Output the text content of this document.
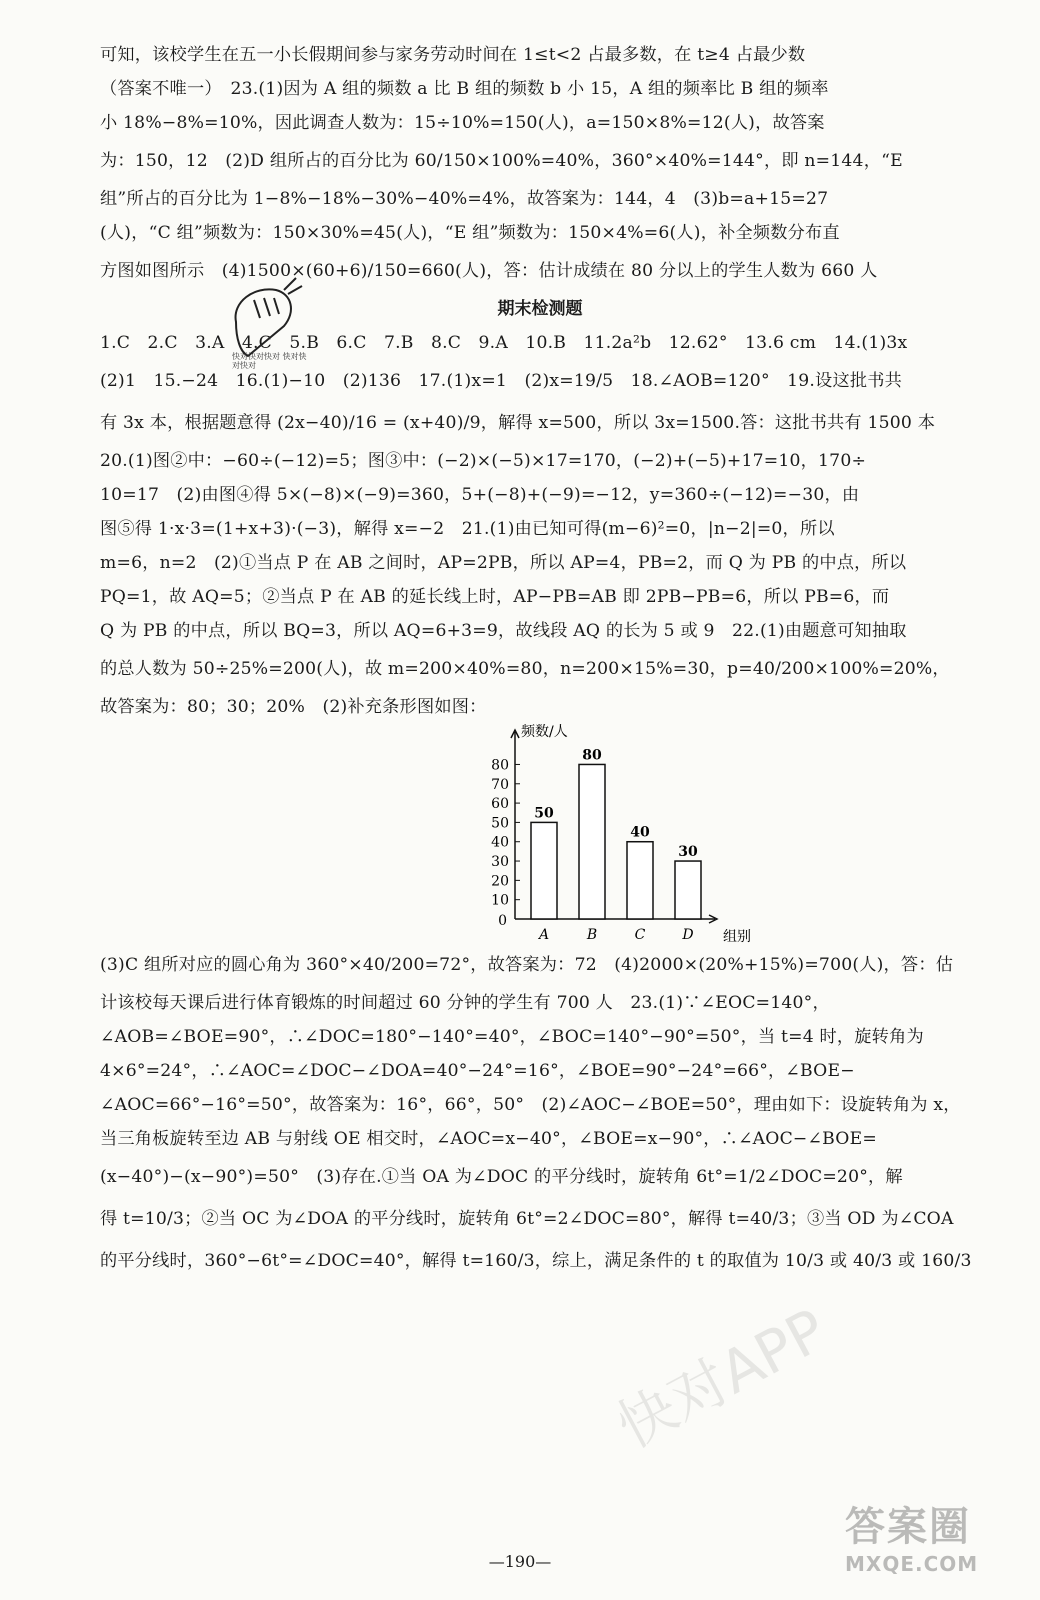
可知，该校学生在五一小长假期间参与家务劳动时间在 1≤t<2 占最多数，在 t≥4 占最少数
（答案不唯一）　23.(1)因为 A 组的频数 a 比 B 组的频数 b 小 15，A 组的频率比 B 组的频率
小 18%−8%=10%，因此调查人数为：15÷10%=150(人)，a=150×8%=12(人)，故答案
为：150，12　(2)D 组所占的百分比为 60/150×100%=40%，360°×40%=144°，即 n=144，“E
组”所占的百分比为 1−8%−18%−30%−40%=4%，故答案为：144，4　(3)b=a+15=27
(人)，“C 组”频数为：150×30%=45(人)，“E 组”频数为：150×4%=6(人)，补全频数分布直
方图如图所示　(4)1500×(60+6)/150=660(人)，答：估计成绩在 80 分以上的学生人数为 660 人
期末检测题
1.C　2.C　3.A　4.C　5.B　6.C　7.B　8.C　9.A　10.B　11.2a²b　12.62°　13.6 cm　14.(1)3x
(2)1　15.−24　16.(1)−10　(2)136　17.(1)x=1　(2)x=19/5　18.∠AOB=120°　19.设这批书共
有 3x 本，根据题意得 (2x−40)/16 = (x+40)/9，解得 x=500，所以 3x=1500.答：这批书共有 1500 本
20.(1)图②中：−60÷(−12)=5；图③中：(−2)×(−5)×17=170，(−2)+(−5)+17=10，170÷
10=17　(2)由图④得 5×(−8)×(−9)=360，5+(−8)+(−9)=−12，y=360÷(−12)=−30，由
图⑤得 1·x·3=(1+x+3)·(−3)，解得 x=−2　21.(1)由已知可得(m−6)²=0，|n−2|=0，所以
m=6，n=2　(2)①当点 P 在 AB 之间时，AP=2PB，所以 AP=4，PB=2，而 Q 为 PB 的中点，所以
PQ=1，故 AQ=5；②当点 P 在 AB 的延长线上时，AP−PB=AB 即 2PB−PB=6，所以 PB=6，而
Q 为 PB 的中点，所以 BQ=3，所以 AQ=6+3=9，故线段 AQ 的长为 5 或 9　22.(1)由题意可知抽取
的总人数为 50÷25%=200(人)，故 m=200×40%=80，n=200×15%=30，p=40/200×100%=20%，
故答案为：80；30；20%　(2)补充条形图如图：
10
20
30
40
50
60
70
80
0
频数/人
组别
50
A
80
B
40
C
30
D
(3)C 组所对应的圆心角为 360°×40/200=72°，故答案为：72　(4)2000×(20%+15%)=700(人)，答：估
计该校每天课后进行体育锻炼的时间超过 60 分钟的学生有 700 人　23.(1)∵∠EOC=140°，
∠AOB=∠BOE=90°，∴∠DOC=180°−140°=40°，∠BOC=140°−90°=50°，当 t=4 时，旋转角为
4×6°=24°，∴∠AOC=∠DOC−∠DOA=40°−24°=16°，∠BOE=90°−24°=66°，∠BOE−
∠AOC=66°−16°=50°，故答案为：16°，66°，50°　(2)∠AOC−∠BOE=50°，理由如下：设旋转角为 x，
当三角板旋转至边 AB 与射线 OE 相交时，∠AOC=x−40°，∠BOE=x−90°，∴∠AOC−∠BOE=
(x−40°)−(x−90°)=50°　(3)存在.①当 OA 为∠DOC 的平分线时，旋转角 6t°=1/2∠DOC=20°，解
得 t=10/3；②当 OC 为∠DOA 的平分线时，旋转角 6t°=2∠DOC=80°，解得 t=40/3；③当 OD 为∠COA
的平分线时，360°−6t°=∠DOC=40°，解得 t=160/3，综上，满足条件的 t 的取值为 10/3 或 40/3 或 160/3
快对快对快对 快对快对快对
快对APP
答案圈
MXQE.COM
—190—
